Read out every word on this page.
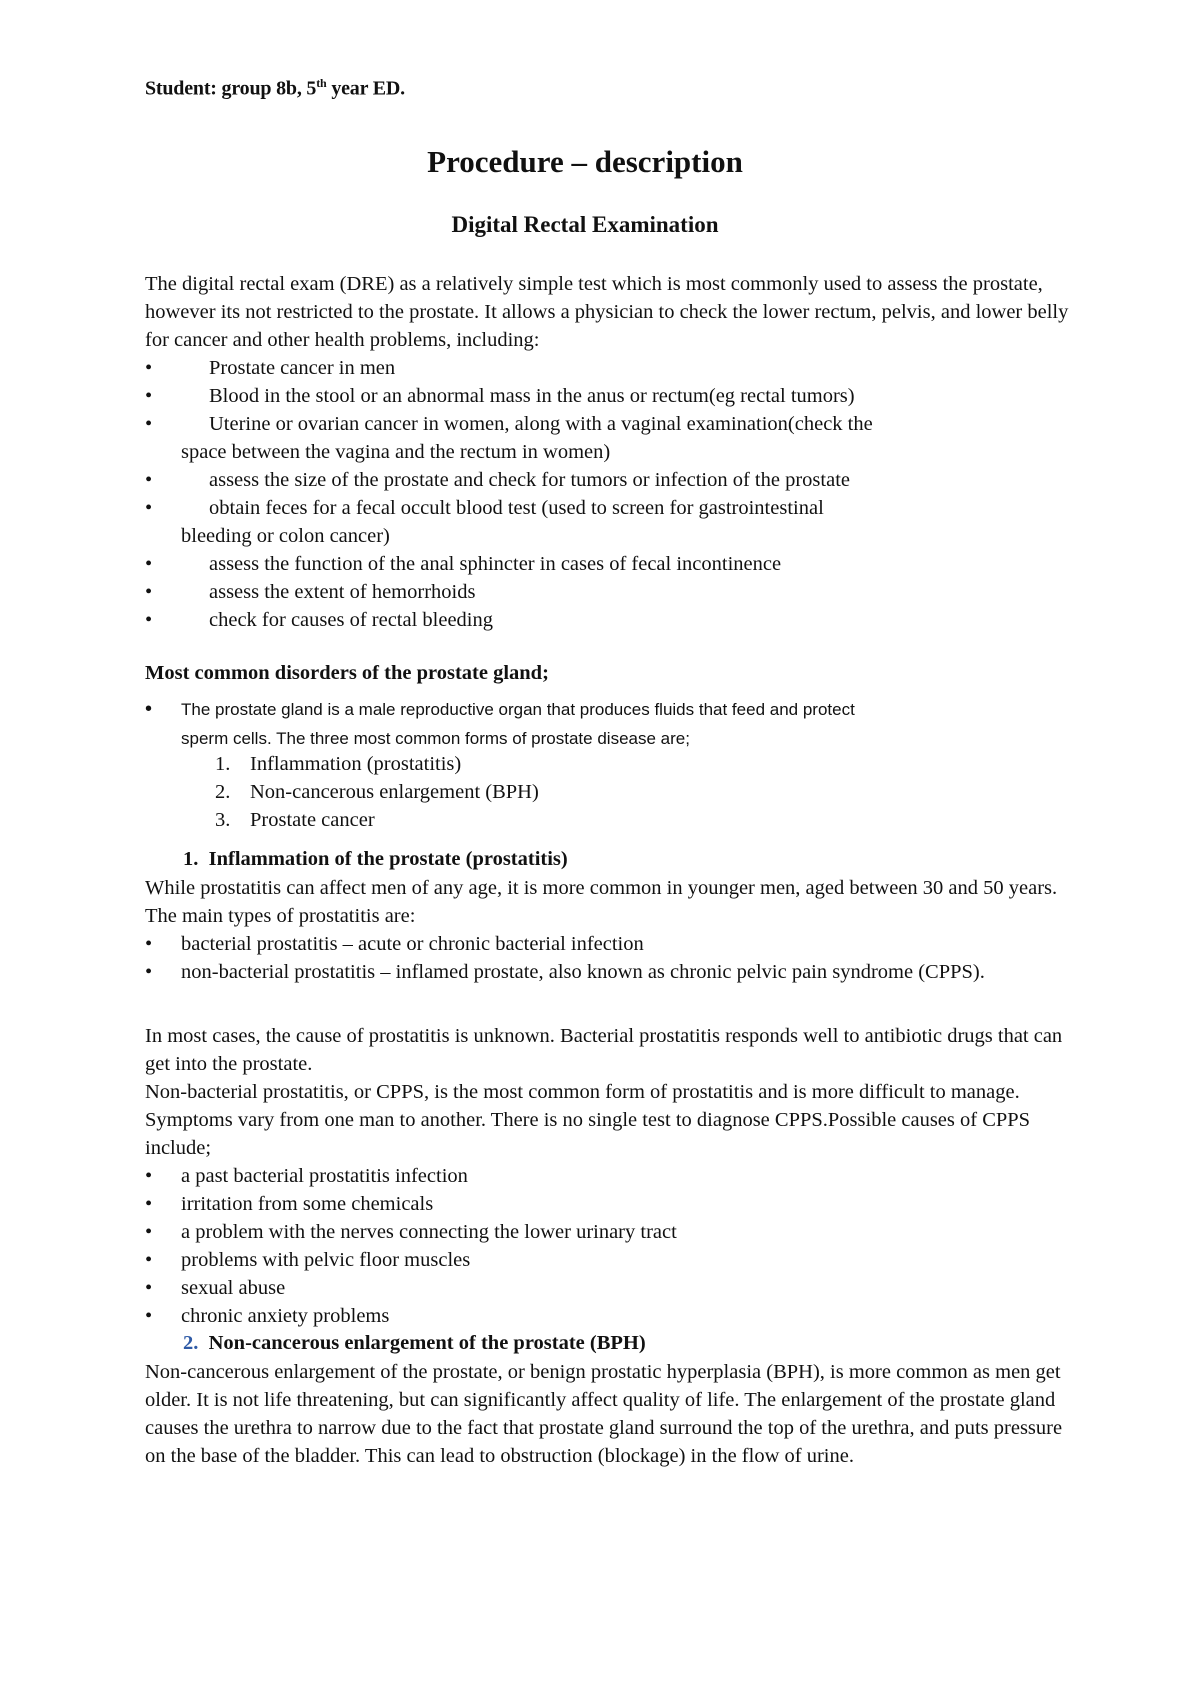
Student: group 8b, 5th year ED.
Procedure – description
Digital Rectal Examination
The digital rectal exam (DRE) as a relatively simple test which is most commonly used to assess the prostate, however its not restricted to the prostate. It allows a physician to check the lower rectum, pelvis, and lower belly for cancer and other health problems, including:
•	Prostate cancer in men
•	Blood in the stool or an abnormal mass in the anus or rectum(eg rectal tumors)
•	Uterine or ovarian cancer in women, along with a vaginal examination(check the
space between the vagina and the rectum in women)
•	assess the size of the prostate and check for tumors or infection of the prostate
•	obtain feces for a fecal occult blood test (used to screen for gastrointestinal
bleeding or colon cancer)
•	assess the function of the anal sphincter in cases of fecal incontinence
•	assess the extent of hemorrhoids
•	check for causes of rectal bleeding
Most common disorders of the prostate gland;
•	The prostate gland is a male reproductive organ that produces fluids that feed and protect
sperm cells. The three most common forms of prostate disease are;
1. Inflammation (prostatitis)
2. Non-cancerous enlargement (BPH)
3. Prostate cancer
1. Inflammation of the prostate (prostatitis)
While prostatitis can affect men of any age, it is more common in younger men, aged between 30 and 50 years. The main types of prostatitis are:
• bacterial prostatitis – acute or chronic bacterial infection
• non-bacterial prostatitis – inflamed prostate, also known as chronic pelvic pain syndrome (CPPS).
In most cases, the cause of prostatitis is unknown. Bacterial prostatitis responds well to antibiotic drugs that can get into the prostate.
Non-bacterial prostatitis, or CPPS, is the most common form of prostatitis and is more difficult to manage. Symptoms vary from one man to another. There is no single test to diagnose CPPS.Possible causes of CPPS include;
• a past bacterial prostatitis infection
• irritation from some chemicals
• a problem with the nerves connecting the lower urinary tract
• problems with pelvic floor muscles
• sexual abuse
• chronic anxiety problems
2. Non-cancerous enlargement of the prostate (BPH)
Non-cancerous enlargement of the prostate, or benign prostatic hyperplasia (BPH), is more common as men get older. It is not life threatening, but can significantly affect quality of life. The enlargement of the prostate gland causes the urethra to narrow due to the fact that prostate gland surround the top of the urethra, and puts pressure on the base of the bladder. This can lead to obstruction (blockage) in the flow of urine.
